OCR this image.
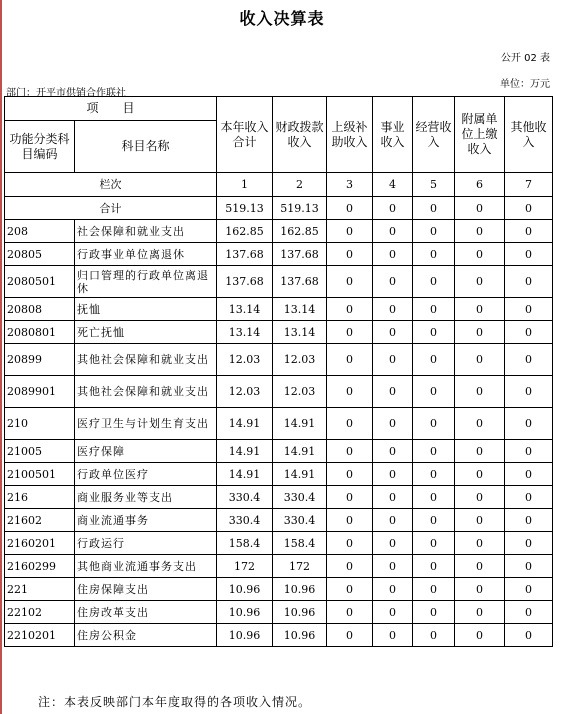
收入决算表
公开 02 表
单位：万元
部门：开平市供销合作联社
项　　目		本年收入合计	财政拨款收入	上级补助收入	事业收入	经营收入	附属单位上缴收入	其他收入
功能分类科目编码	科目名称							
栏次		1	2	3	4	5	6	7
合计		519.13	519.13	0	0	0	0	0
208	社会保障和就业支出	162.85	162.85	0	0	0	0	0
20805	行政事业单位离退休	137.68	137.68	0	0	0	0	0
2080501	归口管理的行政单位离退休	137.68	137.68	0	0	0	0	0
20808	抚恤	13.14	13.14	0	0	0	0	0
2080801	死亡抚恤	13.14	13.14	0	0	0	0	0
20899	其他社会保障和就业支出	12.03	12.03	0	0	0	0	0
2089901	其他社会保障和就业支出	12.03	12.03	0	0	0	0	0
210	医疗卫生与计划生育支出	14.91	14.91	0	0	0	0	0
21005	医疗保障	14.91	14.91	0	0	0	0	0
2100501	行政单位医疗	14.91	14.91	0	0	0	0	0
216	商业服务业等支出	330.4	330.4	0	0	0	0	0
21602	商业流通事务	330.4	330.4	0	0	0	0	0
2160201	行政运行	158.4	158.4	0	0	0	0	0
2160299	其他商业流通事务支出	172	172	0	0	0	0	0
221	住房保障支出	10.96	10.96	0	0	0	0	0
22102	住房改革支出	10.96	10.96	0	0	0	0	0
2210201	住房公积金	10.96	10.96	0	0	0	0	0
注：本表反映部门本年度取得的各项收入情况。
